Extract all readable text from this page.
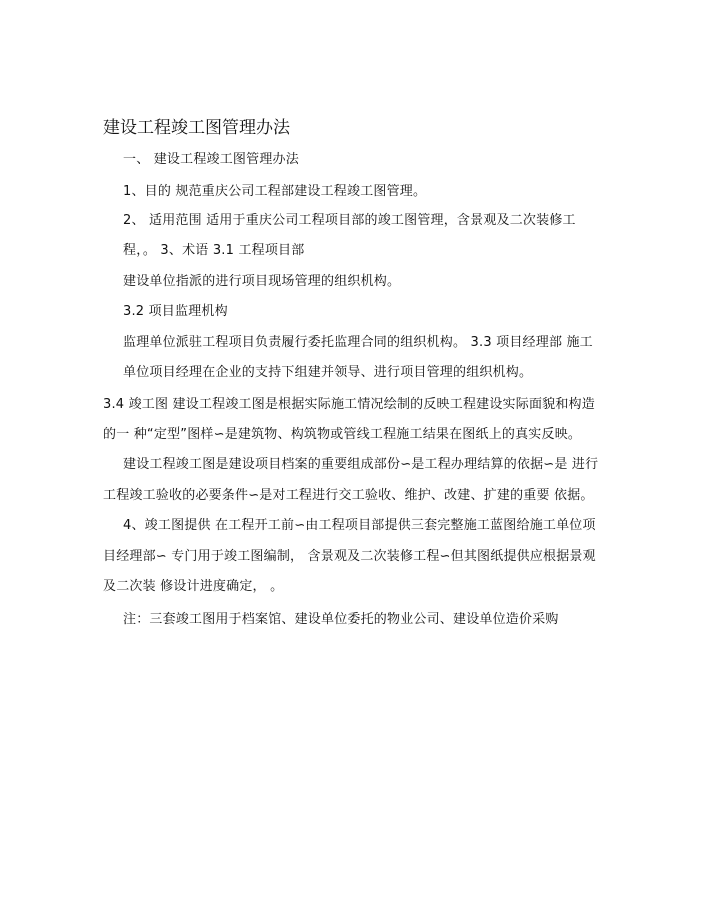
建设工程竣工图管理办法
一、 建设工程竣工图管理办法
1、目的 规范重庆公司工程部建设工程竣工图管理。
2、 适用范围 适用于重庆公司工程项目部的竣工图管理，含景观及二次装修工
程，。 3、术语 3.1 工程项目部
建设单位指派的进行项目现场管理的组织机构。
3.2 项目监理机构
监理单位派驻工程项目负责履行委托监理合同的组织机构。 3.3 项目经理部 施工
单位项目经理在企业的支持下组建并领导、进行项目管理的组织机构。
3.4 竣工图 建设工程竣工图是根据实际施工情况绘制的反映工程建设实际面貌和构造
的一 种“定型”图样∽是建筑物、构筑物或管线工程施工结果在图纸上的真实反映。
建设工程竣工图是建设项目档案的重要组成部份∽是工程办理结算的依据∽是 进行
工程竣工验收的必要条件∽是对工程进行交工验收、维护、改建、扩建的重要 依据。
4、竣工图提供 在工程开工前∽由工程项目部提供三套完整施工蓝图给施工单位项
目经理部∽ 专门用于竣工图编制， 含景观及二次装修工程∽但其图纸提供应根据景观
及二次装 修设计进度确定， 。
注：三套竣工图用于档案馆、建设单位委托的物业公司、建设单位造价采购
